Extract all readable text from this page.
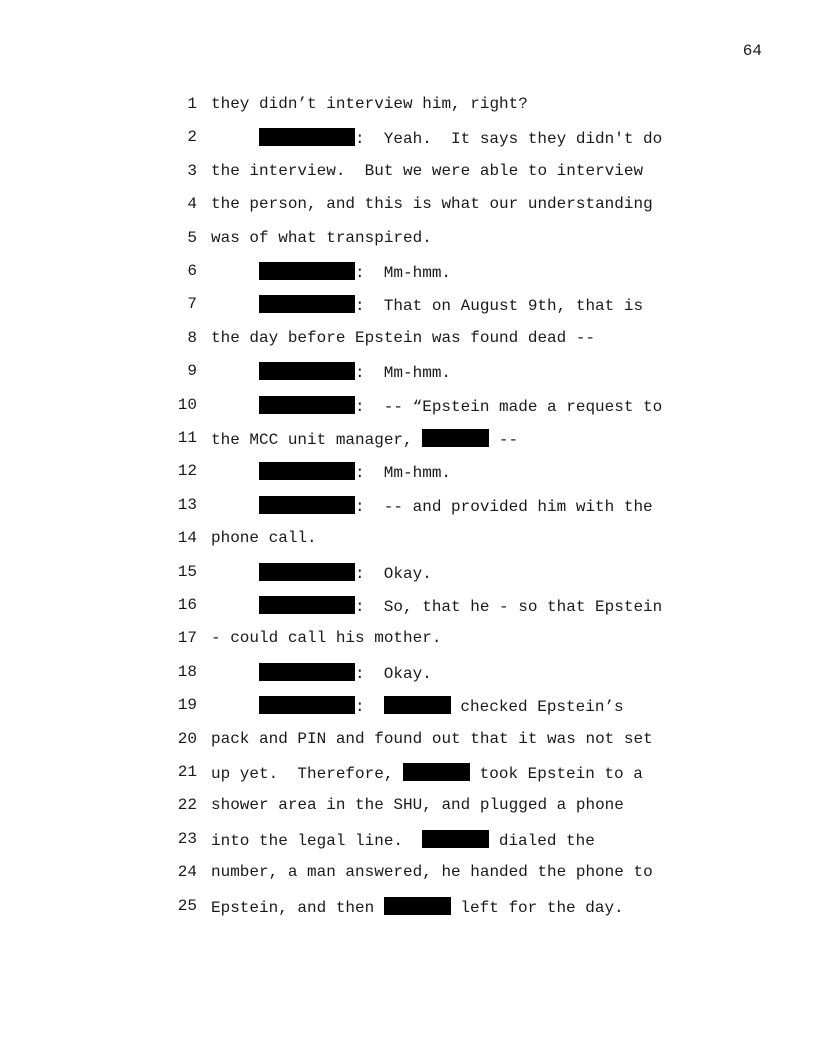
64

1

they didn’t interview him, right?

2

	:  Yeah.  It says they didn't do

3

the interview.  But we were able to interview

4

the person, and this is what our understanding

5

was of what transpired.

6

	:  Mm-hmm.

7

	:  That on August 9th, that is

8

the day before Epstein was found dead --

9

	:  Mm-hmm.

10

	:  -- “Epstein made a request to

11

the MCC unit manager,	--

12

	:  Mm-hmm.

13

	:  -- and provided him with the

14

phone call.

15

	:  Okay.

16

	:  So, that he - so that Epstein

17

- could call his mother.

18

	:  Okay.

19

	:	checked Epstein’s

20

pack and PIN and found out that it was not set

21

up yet.  Therefore,	took Epstein to a

22

shower area in the SHU, and plugged a phone

23

into the legal line.	dialed the

24

number, a man answered, he handed the phone to

25

Epstein, and then	left for the day.
